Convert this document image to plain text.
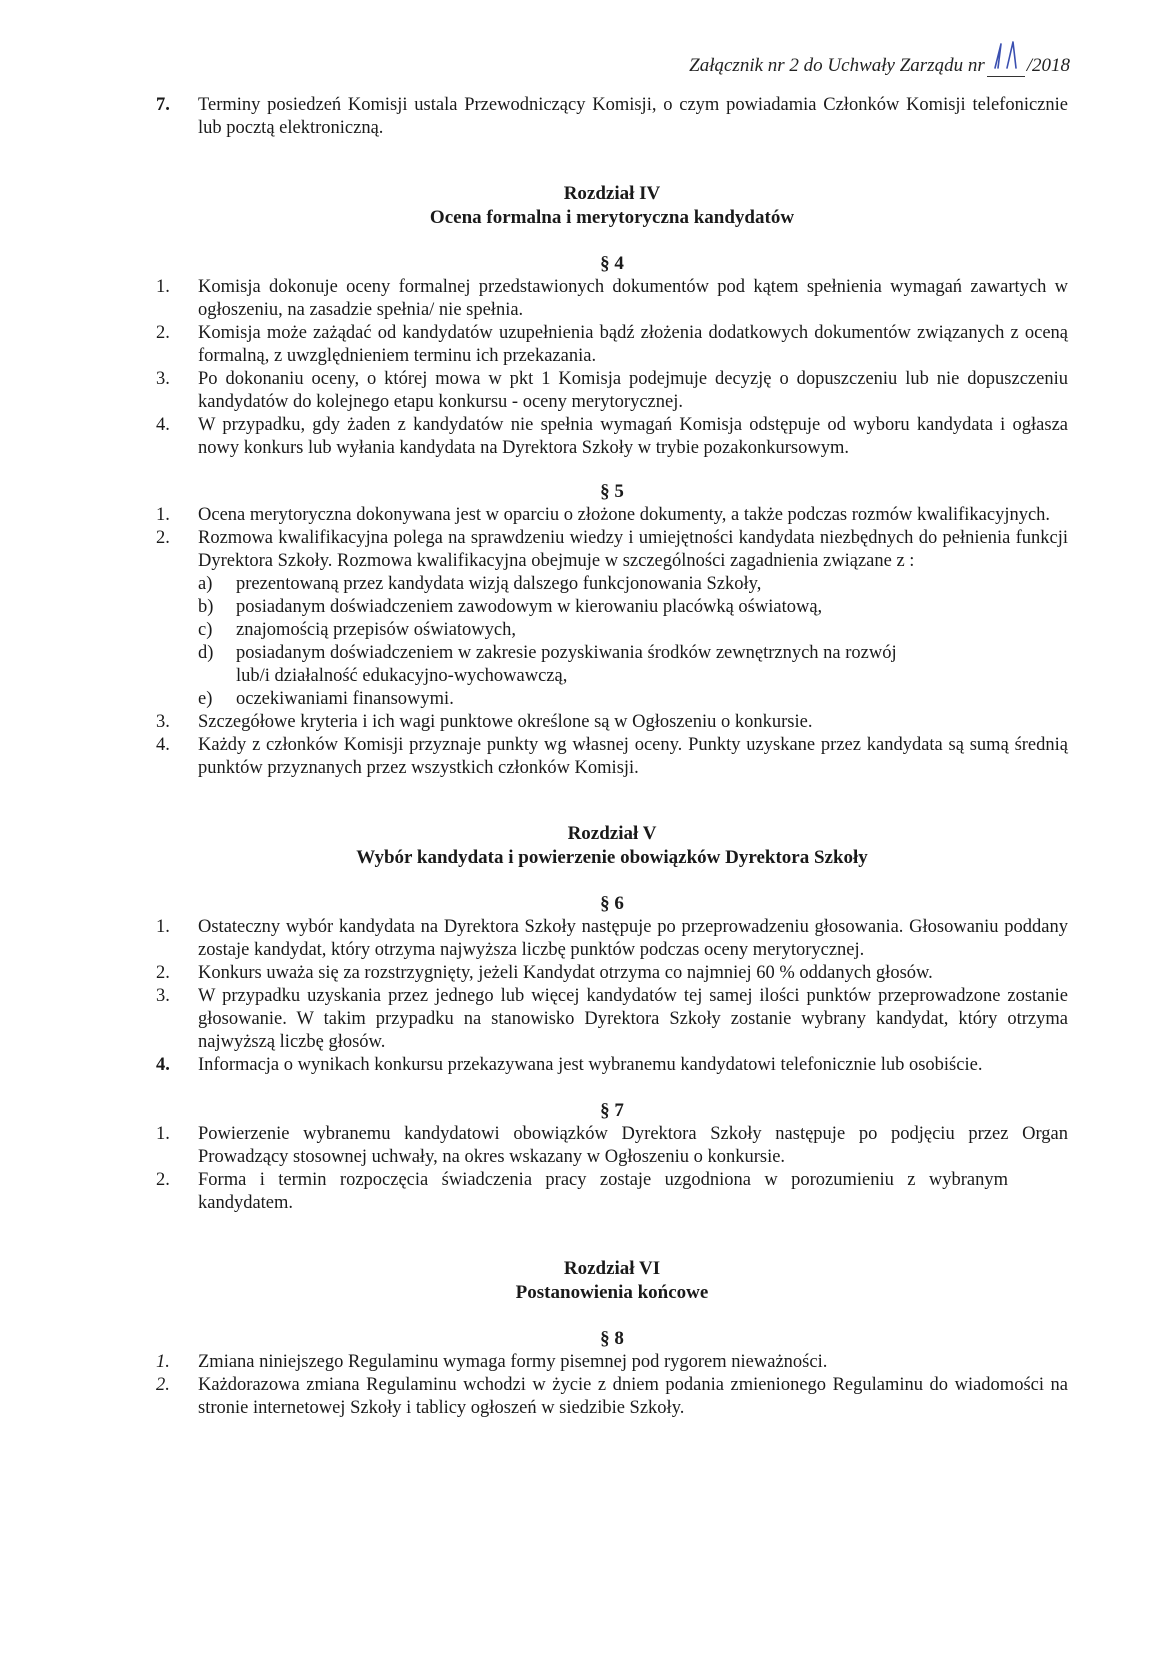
Załącznik nr 2 do Uchwały Zarządu nr /2018
7. Terminy posiedzeń Komisji ustala Przewodniczący Komisji, o czym powiadamia Członków Komisji telefonicznie lub pocztą elektroniczną.
Rozdział IV
Ocena formalna i merytoryczna kandydatów
§ 4
1. Komisja dokonuje oceny formalnej przedstawionych dokumentów pod kątem spełnienia wymagań zawartych w ogłoszeniu, na zasadzie spełnia/ nie spełnia.
2. Komisja może zażądać od kandydatów uzupełnienia bądź złożenia dodatkowych dokumentów związanych z oceną formalną, z uwzględnieniem terminu ich przekazania.
3. Po dokonaniu oceny, o której mowa w pkt 1 Komisja podejmuje decyzję o dopuszczeniu lub nie dopuszczeniu kandydatów do kolejnego etapu konkursu - oceny merytorycznej.
4. W przypadku, gdy żaden z kandydatów nie spełnia wymagań Komisja odstępuje od wyboru kandydata i ogłasza nowy konkurs lub wyłania kandydata na Dyrektora Szkoły w trybie pozakonkursowym.
§ 5
1. Ocena merytoryczna dokonywana jest w oparciu o złożone dokumenty, a także podczas rozmów kwalifikacyjnych.
2. Rozmowa kwalifikacyjna polega na sprawdzeniu wiedzy i umiejętności kandydata niezbędnych do pełnienia funkcji Dyrektora Szkoły. Rozmowa kwalifikacyjna obejmuje w szczególności zagadnienia związane z :
a) prezentowaną przez kandydata wizją dalszego funkcjonowania Szkoły,
b) posiadanym doświadczeniem zawodowym w kierowaniu placówką oświatową,
c) znajomością przepisów oświatowych,
d) posiadanym doświadczeniem w zakresie pozyskiwania środków zewnętrznych na rozwój lub/i działalność edukacyjno-wychowawczą,
e) oczekiwaniami finansowymi.
3. Szczegółowe kryteria i ich wagi punktowe określone są w Ogłoszeniu o konkursie.
4. Każdy z członków Komisji przyznaje punkty wg własnej oceny. Punkty uzyskane przez kandydata są sumą średnią punktów przyznanych przez wszystkich członków Komisji.
Rozdział V
Wybór kandydata i powierzenie obowiązków Dyrektora Szkoły
§ 6
1. Ostateczny wybór kandydata na Dyrektora Szkoły następuje po przeprowadzeniu głosowania. Głosowaniu poddany zostaje kandydat, który otrzyma najwyższa liczbę punktów podczas oceny merytorycznej.
2. Konkurs uważa się za rozstrzygnięty, jeżeli Kandydat otrzyma co najmniej 60 % oddanych głosów.
3. W przypadku uzyskania przez jednego lub więcej kandydatów tej samej ilości punktów przeprowadzone zostanie głosowanie. W takim przypadku na stanowisko Dyrektora Szkoły zostanie wybrany kandydat, który otrzyma najwyższą liczbę głosów.
4. Informacja o wynikach konkursu przekazywana jest wybranemu kandydatowi telefonicznie lub osobiście.
§ 7
1. Powierzenie wybranemu kandydatowi obowiązków Dyrektora Szkoły następuje po podjęciu przez Organ Prowadzący stosownej uchwały, na okres wskazany w Ogłoszeniu o konkursie.
2. Forma i termin rozpoczęcia świadczenia pracy zostaje uzgodniona w porozumieniu z wybranym kandydatem.
Rozdział VI
Postanowienia końcowe
§ 8
1. Zmiana niniejszego Regulaminu wymaga formy pisemnej pod rygorem nieważności.
2. Każdorazowa zmiana Regulaminu wchodzi w życie z dniem podania zmienionego Regulaminu do wiadomości na stronie internetowej Szkoły i tablicy ogłoszeń w siedzibie Szkoły.
